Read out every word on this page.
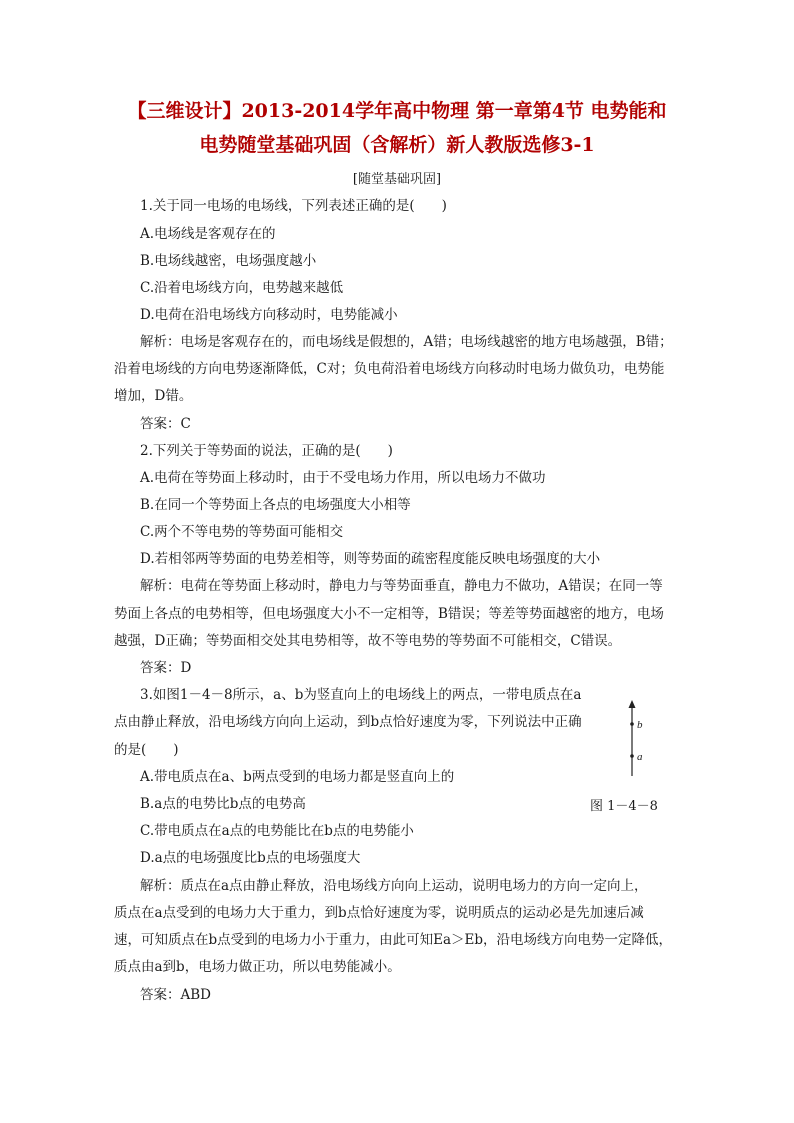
【三维设计】2013-2014学年高中物理 第一章第4节 电势能和
电势随堂基础巩固（含解析）新人教版选修3-1
[随堂基础巩固]
1.关于同一电场的电场线，下列表述正确的是(　　)
A.电场线是客观存在的
B.电场线越密，电场强度越小
C.沿着电场线方向，电势越来越低
D.电荷在沿电场线方向移动时，电势能减小
解析：电场是客观存在的，而电场线是假想的，A错；电场线越密的地方电场越强，B错；
沿着电场线的方向电势逐渐降低，C对；负电荷沿着电场线方向移动时电场力做负功，电势能
增加，D错。
答案：C
2.下列关于等势面的说法，正确的是(　　)
A.电荷在等势面上移动时，由于不受电场力作用，所以电场力不做功
B.在同一个等势面上各点的电场强度大小相等
C.两个不等电势的等势面可能相交
D.若相邻两等势面的电势差相等，则等势面的疏密程度能反映电场强度的大小
解析：电荷在等势面上移动时，静电力与等势面垂直，静电力不做功，A错误；在同一等
势面上各点的电势相等，但电场强度大小不一定相等，B错误；等差等势面越密的地方，电场
越强，D正确；等势面相交处其电势相等，故不等电势的等势面不可能相交，C错误。
答案：D
3.如图1－4－8所示，a、b为竖直向上的电场线上的两点，一带电质点在a
点由静止释放，沿电场线方向向上运动，到b点恰好速度为零，下列说法中正确
的是(　　)
b
a
A.带电质点在a、b两点受到的电场力都是竖直向上的
B.a点的电势比b点的电势高	图 1－4－8
C.带电质点在a点的电势能比在b点的电势能小
D.a点的电场强度比b点的电场强度大
解析：质点在a点由静止释放，沿电场线方向向上运动，说明电场力的方向一定向上，
质点在a点受到的电场力大于重力，到b点恰好速度为零，说明质点的运动必是先加速后减
速，可知质点在b点受到的电场力小于重力，由此可知Ea＞Eb，沿电场线方向电势一定降低，
质点由a到b，电场力做正功，所以电势能减小。
答案：ABD
